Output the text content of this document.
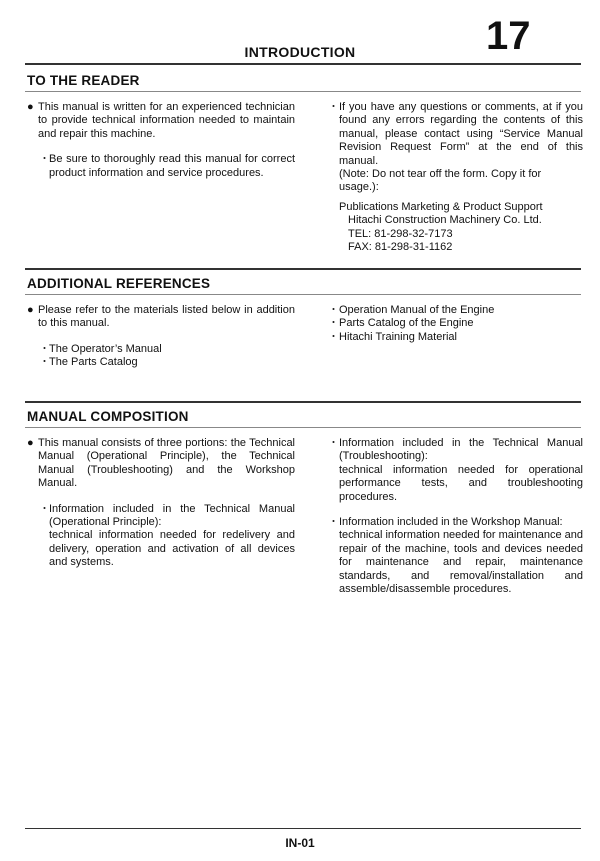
INTRODUCTION	17
TO THE READER
● This manual is written for an experienced technician to provide technical information needed to maintain and repair this machine.
・ Be sure to thoroughly read this manual for correct product information and service procedures.
・ If you have any questions or comments, at if you found any errors regarding the contents of this manual, please contact using “Service Manual Revision Request Form” at the end of this manual.
(Note: Do not tear off the form. Copy it for usage.):
Publications Marketing & Product Support
Hitachi Construction Machinery Co. Ltd.
TEL: 81-298-32-7173
FAX: 81-298-31-1162
ADDITIONAL REFERENCES
● Please refer to the materials listed below in addition to this manual.
・ The Operator’s Manual
・ The Parts Catalog
・ Operation Manual of the Engine
・ Parts Catalog of the Engine
・ Hitachi Training Material
MANUAL COMPOSITION
● This manual consists of three portions: the Technical Manual (Operational Principle), the Technical Manual (Troubleshooting) and the Workshop Manual.
・ Information included in the Technical Manual (Operational Principle):
technical information needed for redelivery and delivery, operation and activation of all devices and systems.
・ Information included in the Technical Manual (Troubleshooting):
technical information needed for operational performance tests, and troubleshooting procedures.
・ Information included in the Workshop Manual:
technical information needed for maintenance and repair of the machine, tools and devices needed for maintenance and repair, maintenance standards, and removal/installation and assemble/disassemble procedures.
IN-01
